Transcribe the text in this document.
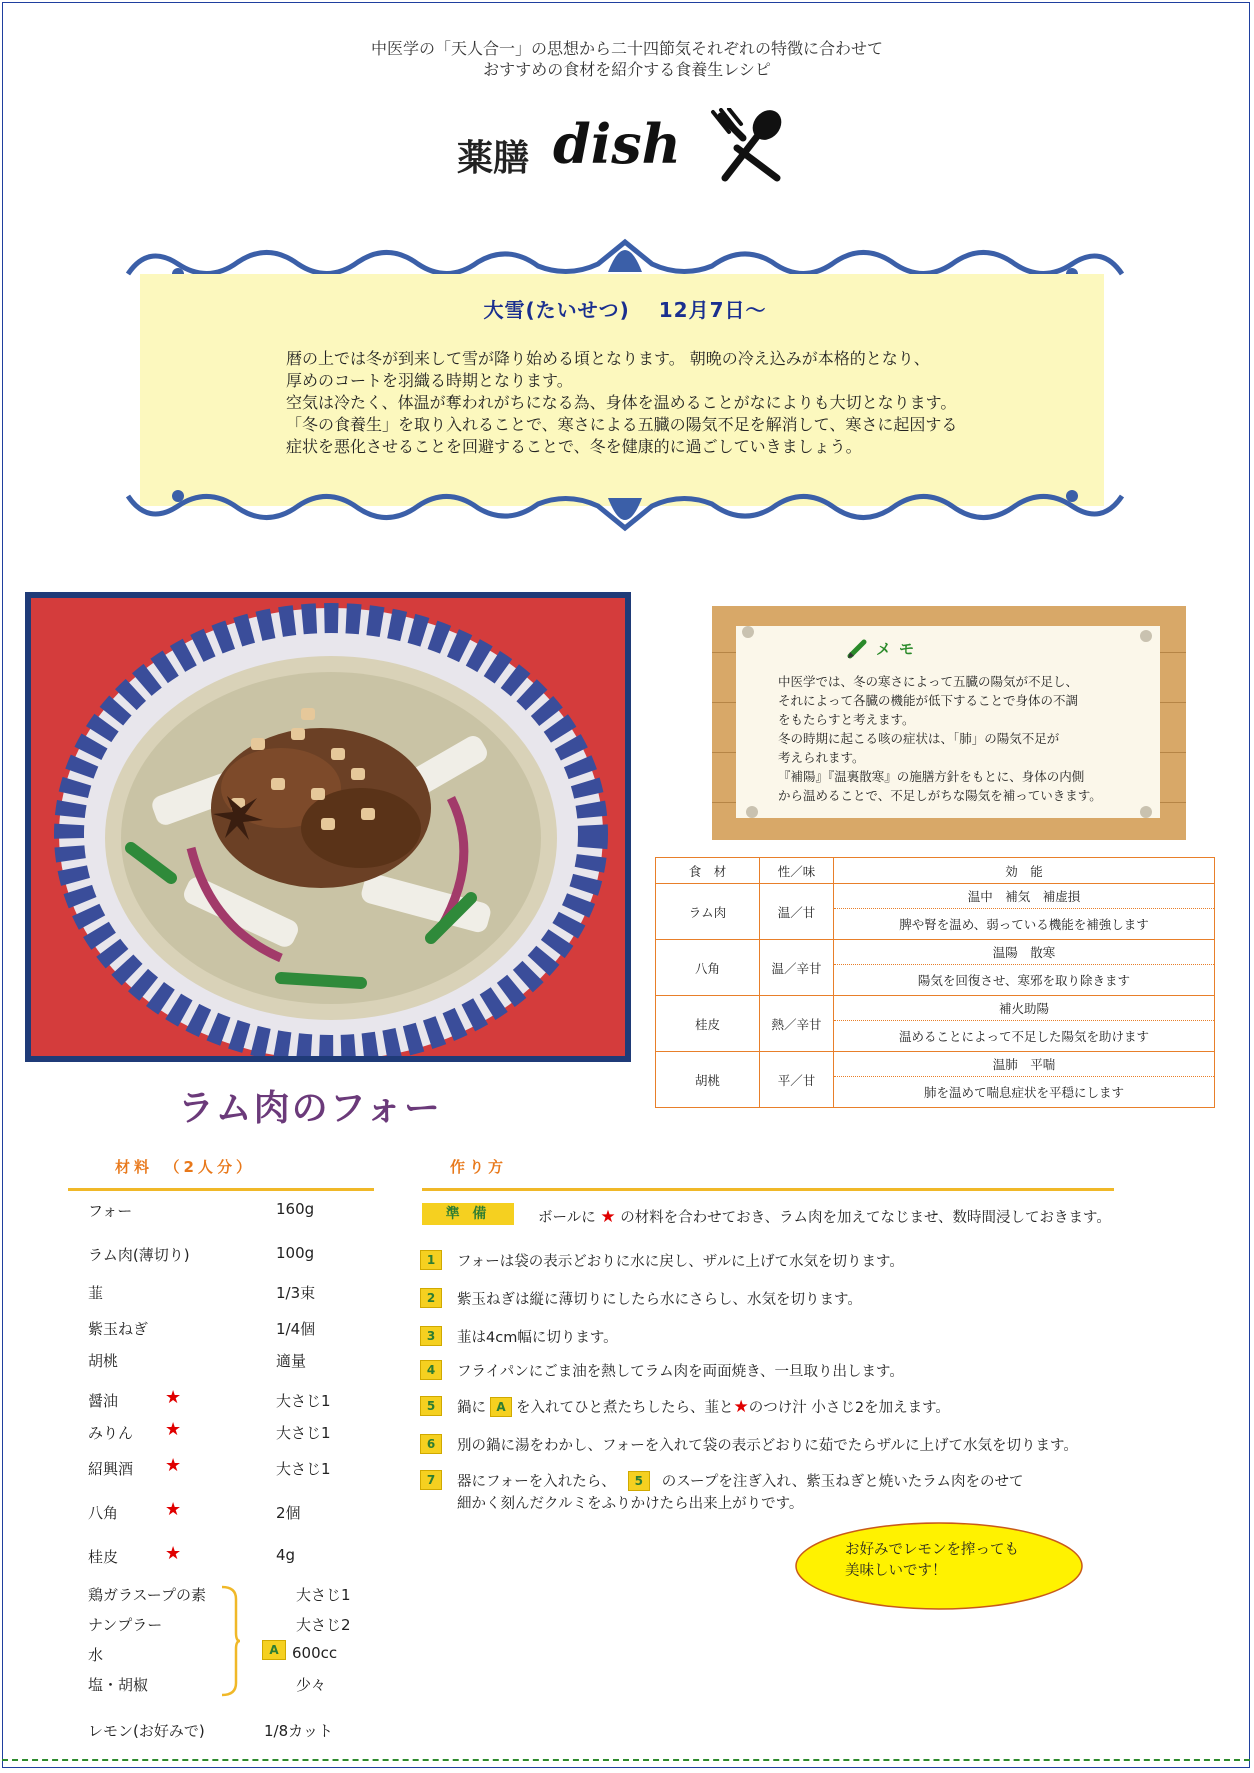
中医学の「天人合一」の思想から二十四節気それぞれの特徴に合わせて
おすすめの食材を紹介する食養生レシピ
薬膳 dish
大雪(たいせつ)　 12月7日～
暦の上では冬が到来して雪が降り始める頃となります。 朝晩の冷え込みが本格的となり、
厚めのコートを羽織る時期となります。
空気は冷たく、体温が奪われがちになる為、身体を温めることがなによりも大切となります。
「冬の食養生」を取り入れることで、寒さによる五臓の陽気不足を解消して、寒さに起因する
症状を悪化させることを回避することで、冬を健康的に過ごしていきましょう。
ラム肉のフォー
メモ
中医学では、冬の寒さによって五臓の陽気が不足し、
それによって各臓の機能が低下することで身体の不調
をもたらすと考えます。
冬の時期に起こる咳の症状は、「肺」の陽気不足が
考えられます。
『補陽』『温裏散寒』の施膳方針をもとに、身体の内側
から温めることで、不足しがちな陽気を補っていきます。
食　材	性／味	効　能
ラム肉	温／甘	温中　補気　補虚損
		脾や腎を温め、弱っている機能を補強します
八角	温／辛甘	温陽　散寒
		陽気を回復させ、寒邪を取り除きます
桂皮	熱／辛甘	補火助陽
		温めることによって不足した陽気を助けます
胡桃	平／甘	温肺　平喘
		肺を温めて喘息症状を平穏にします
材料　（2人分）	作り方
フォー	160g
ラム肉(薄切り)	100g
韮	1/3束
紫玉ねぎ	1/4個
胡桃	適量
醤油	★	大さじ1
みりん ★	大さじ1
紹興酒 ★	大さじ1
八角	★	2個
桂皮	★	4g
鶏ガラスープの素	大さじ1
ナンプラー	大さじ2
水	600cc
塩・胡椒	少々
レモン(お好みで)	1/8カット
A
準 備	ボールに ★ の材料を合わせておき、ラム肉を加えてなじませ、数時間浸しておきます。
1	フォーは袋の表示どおりに水に戻し、ザルに上げて水気を切ります。
2	紫玉ねぎは縦に薄切りにしたら水にさらし、水気を切ります。
3	韮は4cm幅に切ります。
4	フライパンにごま油を熱してラム肉を両面焼き、一旦取り出します。
5	鍋に A を入れてひと煮たちしたら、韮と★のつけ汁 小さじ2を加えます。
6	別の鍋に湯をわかし、フォーを入れて袋の表示どおりに茹でたらザルに上げて水気を切ります。
7	器にフォーを入れたら、 5 のスープを注ぎ入れ、紫玉ねぎと焼いたラム肉をのせて
細かく刻んだクルミをふりかけたら出来上がりです。
お好みでレモンを搾っても
美味しいです！
